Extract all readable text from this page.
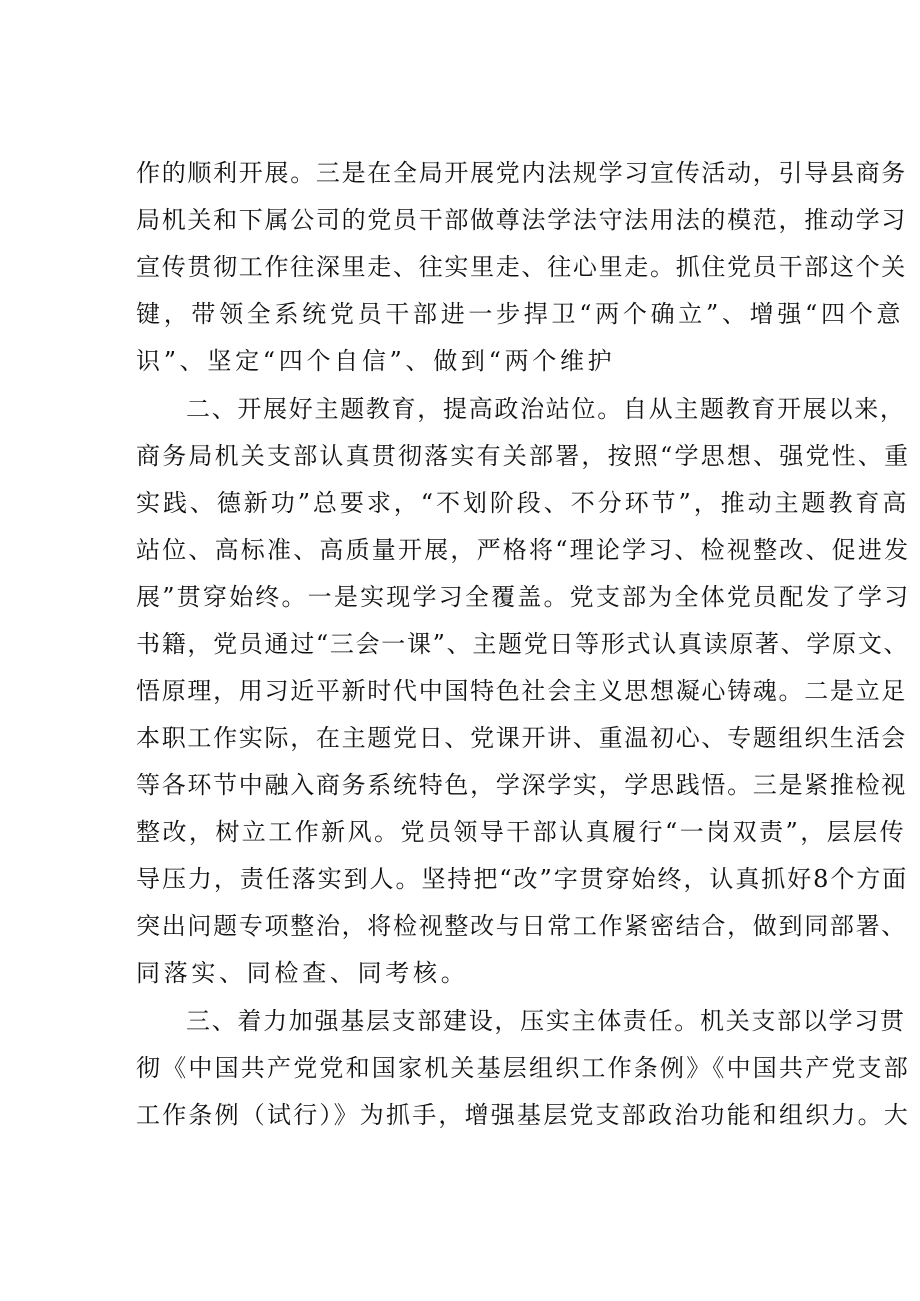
作的顺利开展。三是在全局开展党内法规学习宣传活动，引导县商务
局机关和下属公司的党员干部做尊法学法守法用法的模范，推动学习
宣传贯彻工作往深里走、往实里走、往心里走。抓住党员干部这个关
键，带领全系统党员干部进一步捍卫“两个确立”、增强“四个意
识”、坚定“四个自信”、做到“两个维护
二、开展好主题教育，提高政治站位。自从主题教育开展以来，
商务局机关支部认真贯彻落实有关部署，按照“学思想、强党性、重
实践、德新功”总要求，“不划阶段、不分环节”，推动主题教育高
站位、高标准、高质量开展，严格将“理论学习、检视整改、促进发
展”贯穿始终。一是实现学习全覆盖。党支部为全体党员配发了学习
书籍，党员通过“三会一课”、主题党日等形式认真读原著、学原文、
悟原理，用习近平新时代中国特色社会主义思想凝心铸魂。二是立足
本职工作实际，在主题党日、党课开讲、重温初心、专题组织生活会
等各环节中融入商务系统特色，学深学实，学思践悟。三是紧推检视
整改，树立工作新风。党员领导干部认真履行“一岗双责”，层层传
导压力，责任落实到人。坚持把“改”字贯穿始终，认真抓好8个方面
突出问题专项整治，将检视整改与日常工作紧密结合，做到同部署、
同落实、同检查、同考核。
三、着力加强基层支部建设，压实主体责任。机关支部以学习贯
彻《中国共产党党和国家机关基层组织工作条例》《中国共产党支部
工作条例（试行）》为抓手，增强基层党支部政治功能和组织力。大
